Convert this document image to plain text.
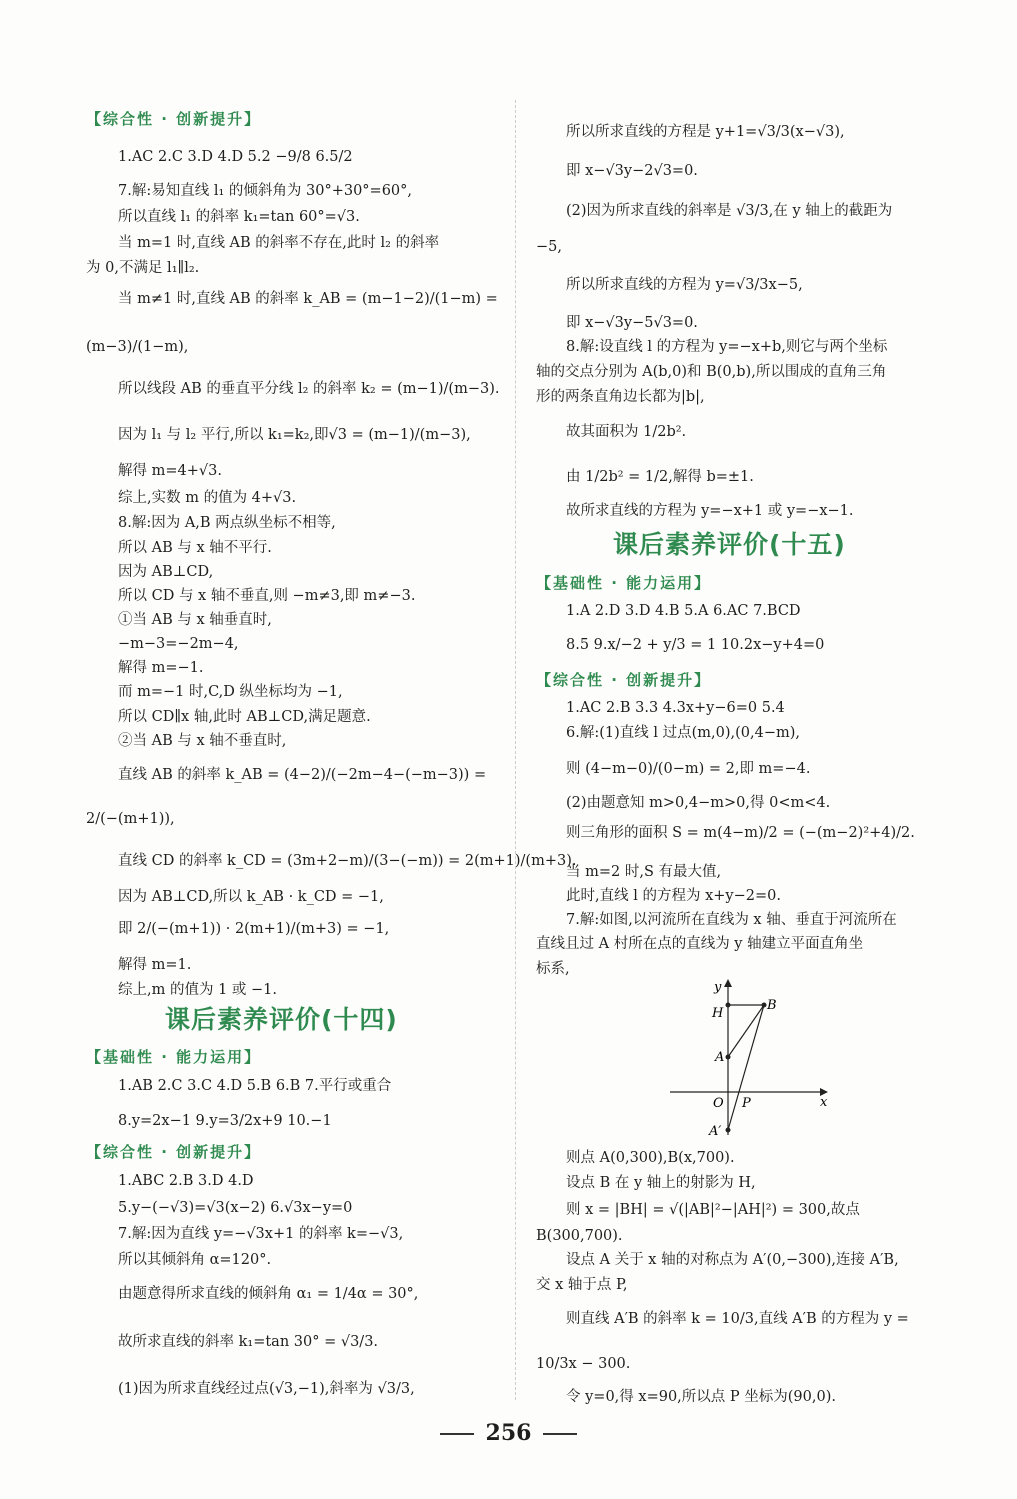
【综合性 · 创新提升】
1.AC 2.C 3.D 4.D 5.2 −9/8 6.5/2
7.解:易知直线 l₁ 的倾斜角为 30°+30°=60°,
所以直线 l₁ 的斜率 k₁=tan 60°=√3.
当 m=1 时,直线 AB 的斜率不存在,此时 l₂ 的斜率
为 0,不满足 l₁∥l₂.
当 m≠1 时,直线 AB 的斜率 k_AB = (m−1−2)/(1−m) =
(m−3)/(1−m),
所以线段 AB 的垂直平分线 l₂ 的斜率 k₂ = (m−1)/(m−3).
因为 l₁ 与 l₂ 平行,所以 k₁=k₂,即√3 = (m−1)/(m−3),
解得 m=4+√3.
综上,实数 m 的值为 4+√3.
8.解:因为 A,B 两点纵坐标不相等,
所以 AB 与 x 轴不平行.
因为 AB⊥CD,
所以 CD 与 x 轴不垂直,则 −m≠3,即 m≠−3.
①当 AB 与 x 轴垂直时,
−m−3=−2m−4,
解得 m=−1.
而 m=−1 时,C,D 纵坐标均为 −1,
所以 CD∥x 轴,此时 AB⊥CD,满足题意.
②当 AB 与 x 轴不垂直时,
直线 AB 的斜率 k_AB = (4−2)/(−2m−4−(−m−3)) =
2/(−(m+1)),
直线 CD 的斜率 k_CD = (3m+2−m)/(3−(−m)) = 2(m+1)/(m+3).
因为 AB⊥CD,所以 k_AB · k_CD = −1,
即 2/(−(m+1)) · 2(m+1)/(m+3) = −1,
解得 m=1.
综上,m 的值为 1 或 −1.
课后素养评价(十四)
【基础性 · 能力运用】
1.AB 2.C 3.C 4.D 5.B 6.B 7.平行或重合
8.y=2x−1 9.y=3/2x+9 10.−1
【综合性 · 创新提升】
1.ABC 2.B 3.D 4.D
5.y−(−√3)=√3(x−2) 6.√3x−y=0
7.解:因为直线 y=−√3x+1 的斜率 k=−√3,
所以其倾斜角 α=120°.
由题意得所求直线的倾斜角 α₁ = 1/4α = 30°,
故所求直线的斜率 k₁=tan 30° = √3/3.
(1)因为所求直线经过点(√3,−1),斜率为 √3/3,
所以所求直线的方程是 y+1=√3/3(x−√3),
即 x−√3y−2√3=0.
(2)因为所求直线的斜率是 √3/3,在 y 轴上的截距为
−5,
所以所求直线的方程为 y=√3/3x−5,
即 x−√3y−5√3=0.
8.解:设直线 l 的方程为 y=−x+b,则它与两个坐标
轴的交点分别为 A(b,0)和 B(0,b),所以围成的直角三角
形的两条直角边长都为|b|,
故其面积为 1/2b².
由 1/2b² = 1/2,解得 b=±1.
故所求直线的方程为 y=−x+1 或 y=−x−1.
课后素养评价(十五)
【基础性 · 能力运用】
1.A 2.D 3.D 4.B 5.A 6.AC 7.BCD
8.5 9.x/−2 + y/3 = 1 10.2x−y+4=0
【综合性 · 创新提升】
1.AC 2.B 3.3 4.3x+y−6=0 5.4
6.解:(1)直线 l 过点(m,0),(0,4−m),
则 (4−m−0)/(0−m) = 2,即 m=−4.
(2)由题意知 m>0,4−m>0,得 0<m<4.
则三角形的面积 S = m(4−m)/2 = (−(m−2)²+4)/2.
当 m=2 时,S 有最大值,
此时,直线 l 的方程为 x+y−2=0.
7.解:如图,以河流所在直线为 x 轴、垂直于河流所在
直线且过 A 村所在点的直线为 y 轴建立平面直角坐
标系,
则点 A(0,300),B(x,700).
设点 B 在 y 轴上的射影为 H,
则 x = |BH| = √(|AB|²−|AH|²) = 300,故点
B(300,700).
设点 A 关于 x 轴的对称点为 A′(0,−300),连接 A′B,
交 x 轴于点 P,
则直线 A′B 的斜率 k = 10/3,直线 A′B 的方程为 y =
10/3x − 300.
令 y=0,得 x=90,所以点 P 坐标为(90,0).
y
x
O
H
B
A
P
A′
256
